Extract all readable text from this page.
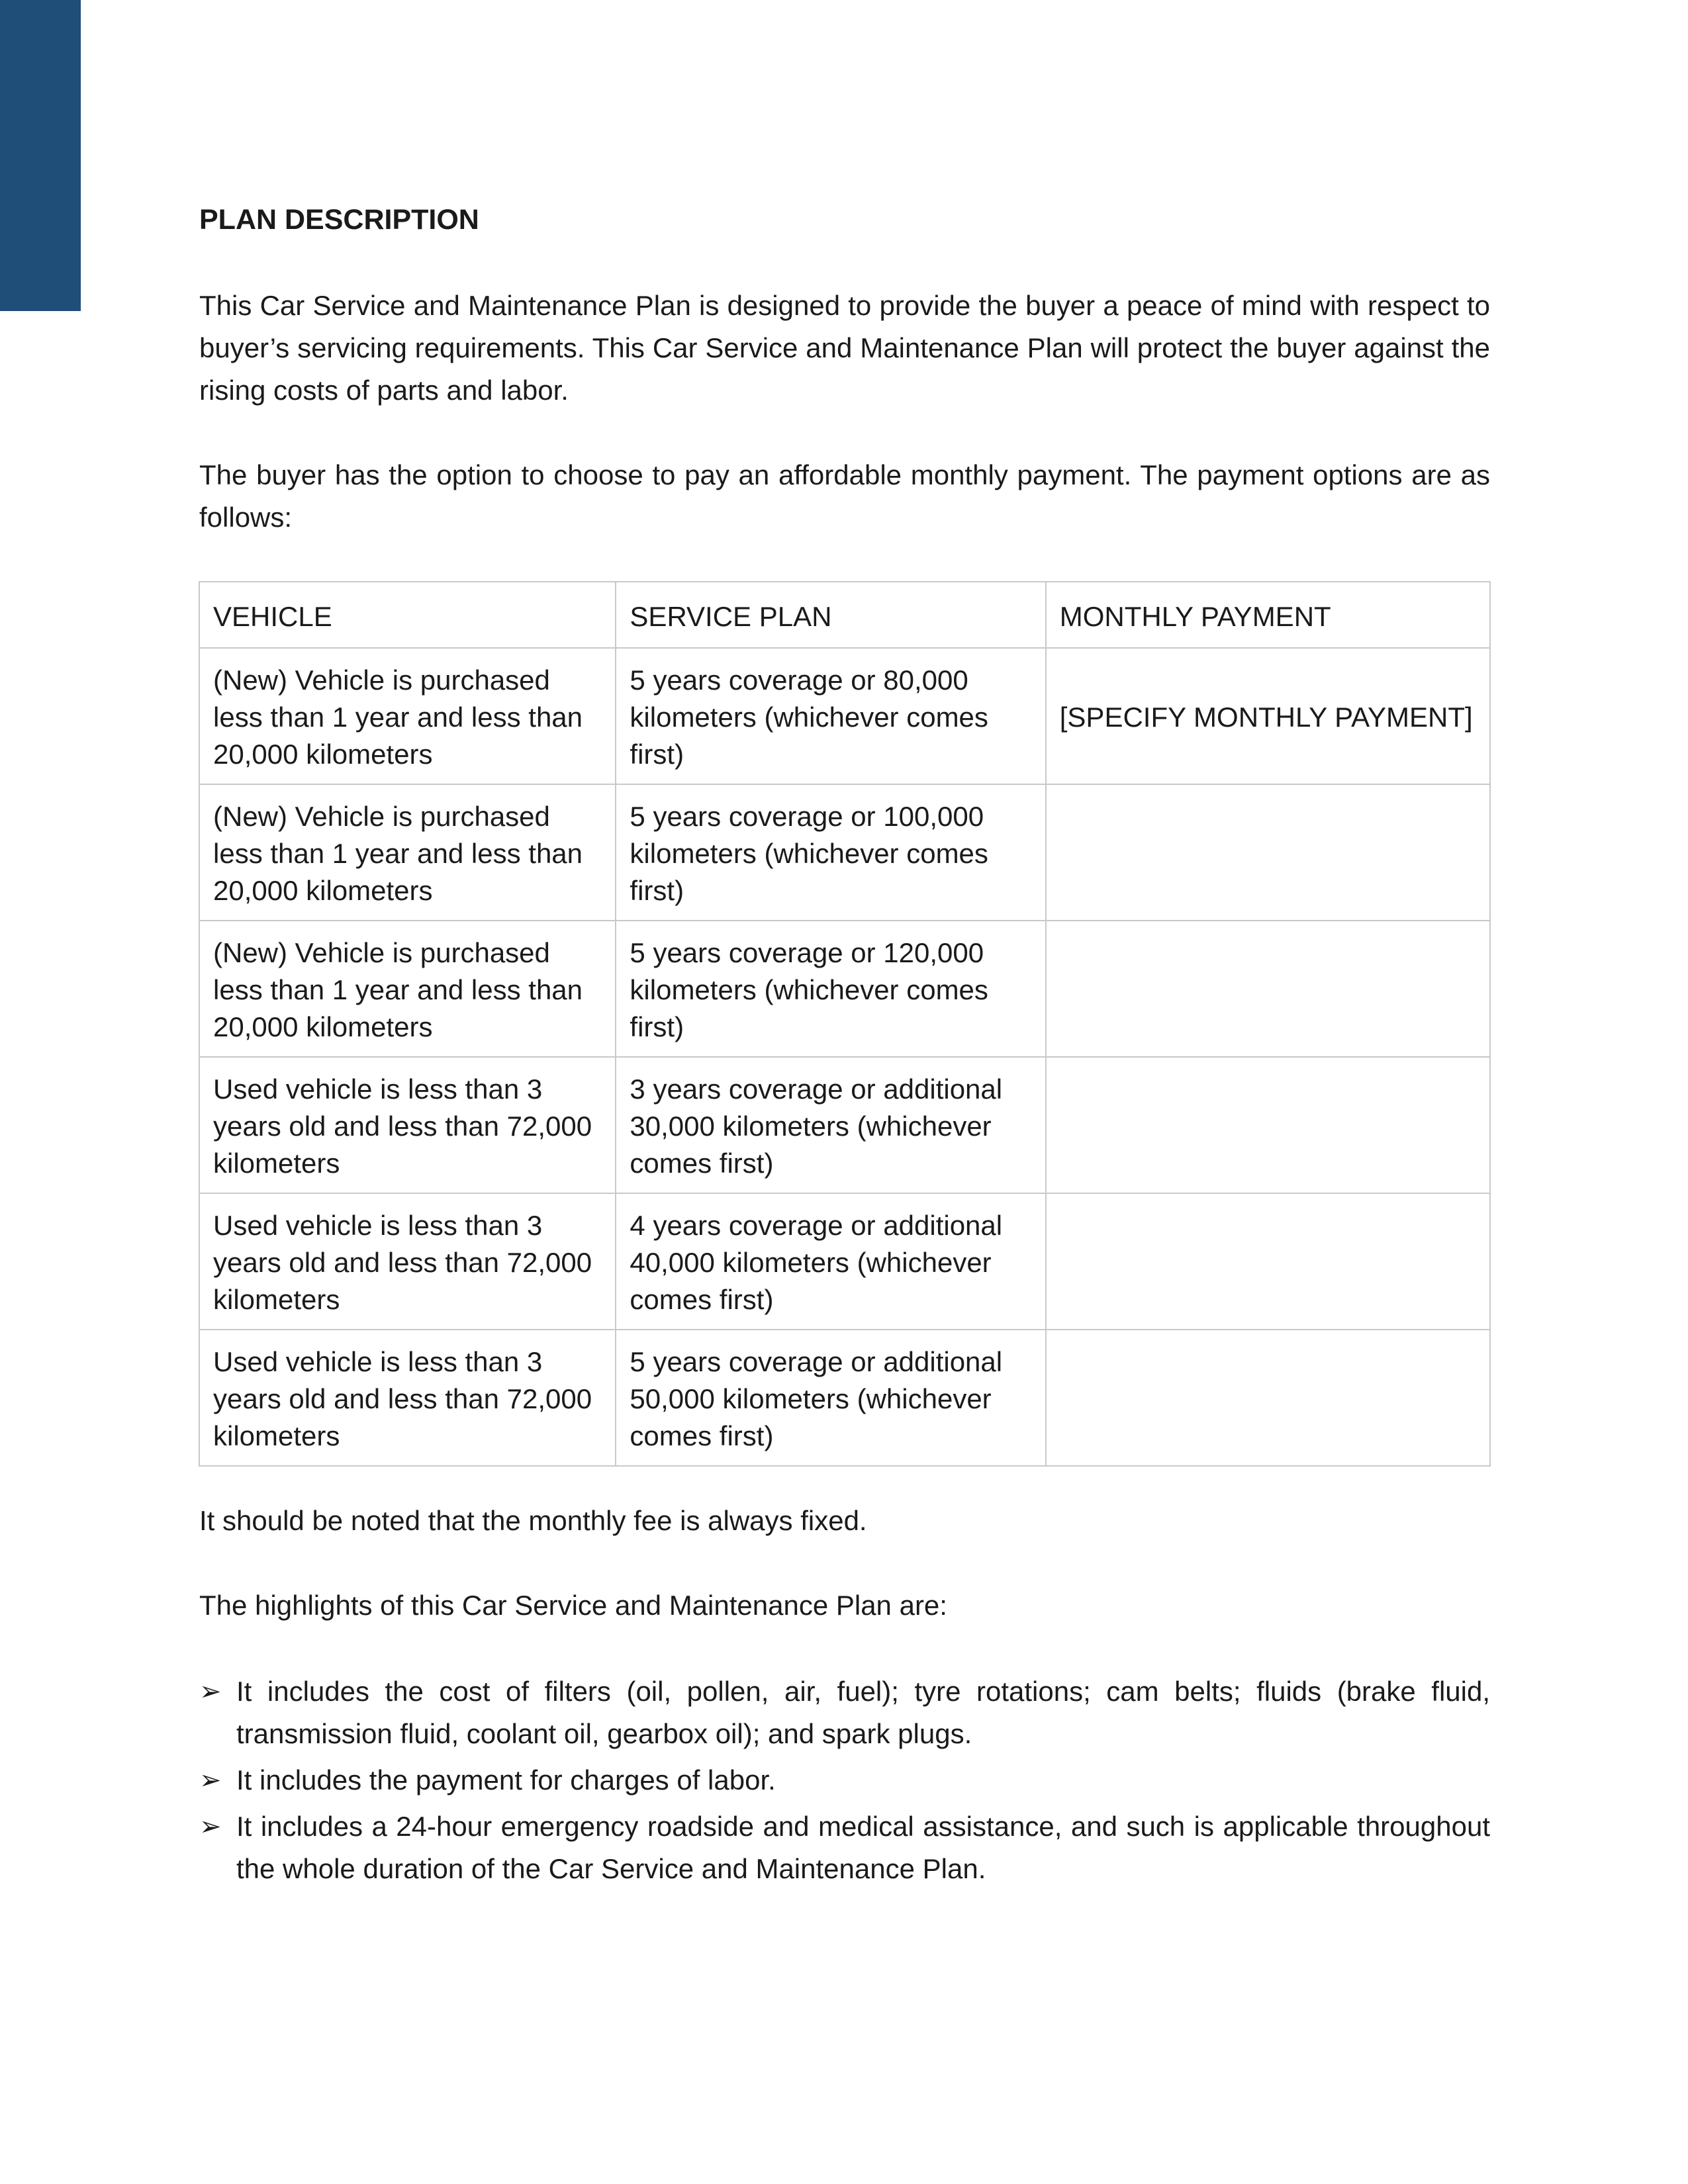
PLAN DESCRIPTION

This Car Service and Maintenance Plan is designed to provide the buyer a peace of mind with respect to buyer’s servicing requirements. This Car Service and Maintenance Plan will protect the buyer against the rising costs of parts and labor.

The buyer has the option to choose to pay an affordable monthly payment. The payment options are as follows:

VEHICLE	SERVICE PLAN	MONTHLY PAYMENT
(New) Vehicle is purchased less than 1 year and less than 20,000 kilometers	5 years coverage or 80,000 kilometers (whichever comes first)	[SPECIFY MONTHLY PAYMENT]
(New) Vehicle is purchased less than 1 year and less than 20,000 kilometers	5 years coverage or 100,000 kilometers (whichever comes first)	
(New) Vehicle is purchased less than 1 year and less than 20,000 kilometers	5 years coverage or 120,000 kilometers (whichever comes first)	
Used vehicle is less than 3 years old and less than 72,000 kilometers	3 years coverage or additional 30,000 kilometers (whichever comes first)	
Used vehicle is less than 3 years old and less than 72,000 kilometers	4 years coverage or additional 40,000 kilometers (whichever comes first)	
Used vehicle is less than 3 years old and less than 72,000 kilometers	5 years coverage or additional 50,000 kilometers (whichever comes first)	

It should be noted that the monthly fee is always fixed.

The highlights of this Car Service and Maintenance Plan are:

➢ It includes the cost of filters (oil, pollen, air, fuel); tyre rotations; cam belts; fluids (brake fluid, transmission fluid, coolant oil, gearbox oil); and spark plugs.
➢ It includes the payment for charges of labor.
➢ It includes a 24-hour emergency roadside and medical assistance, and such is applicable throughout the whole duration of the Car Service and Maintenance Plan.
